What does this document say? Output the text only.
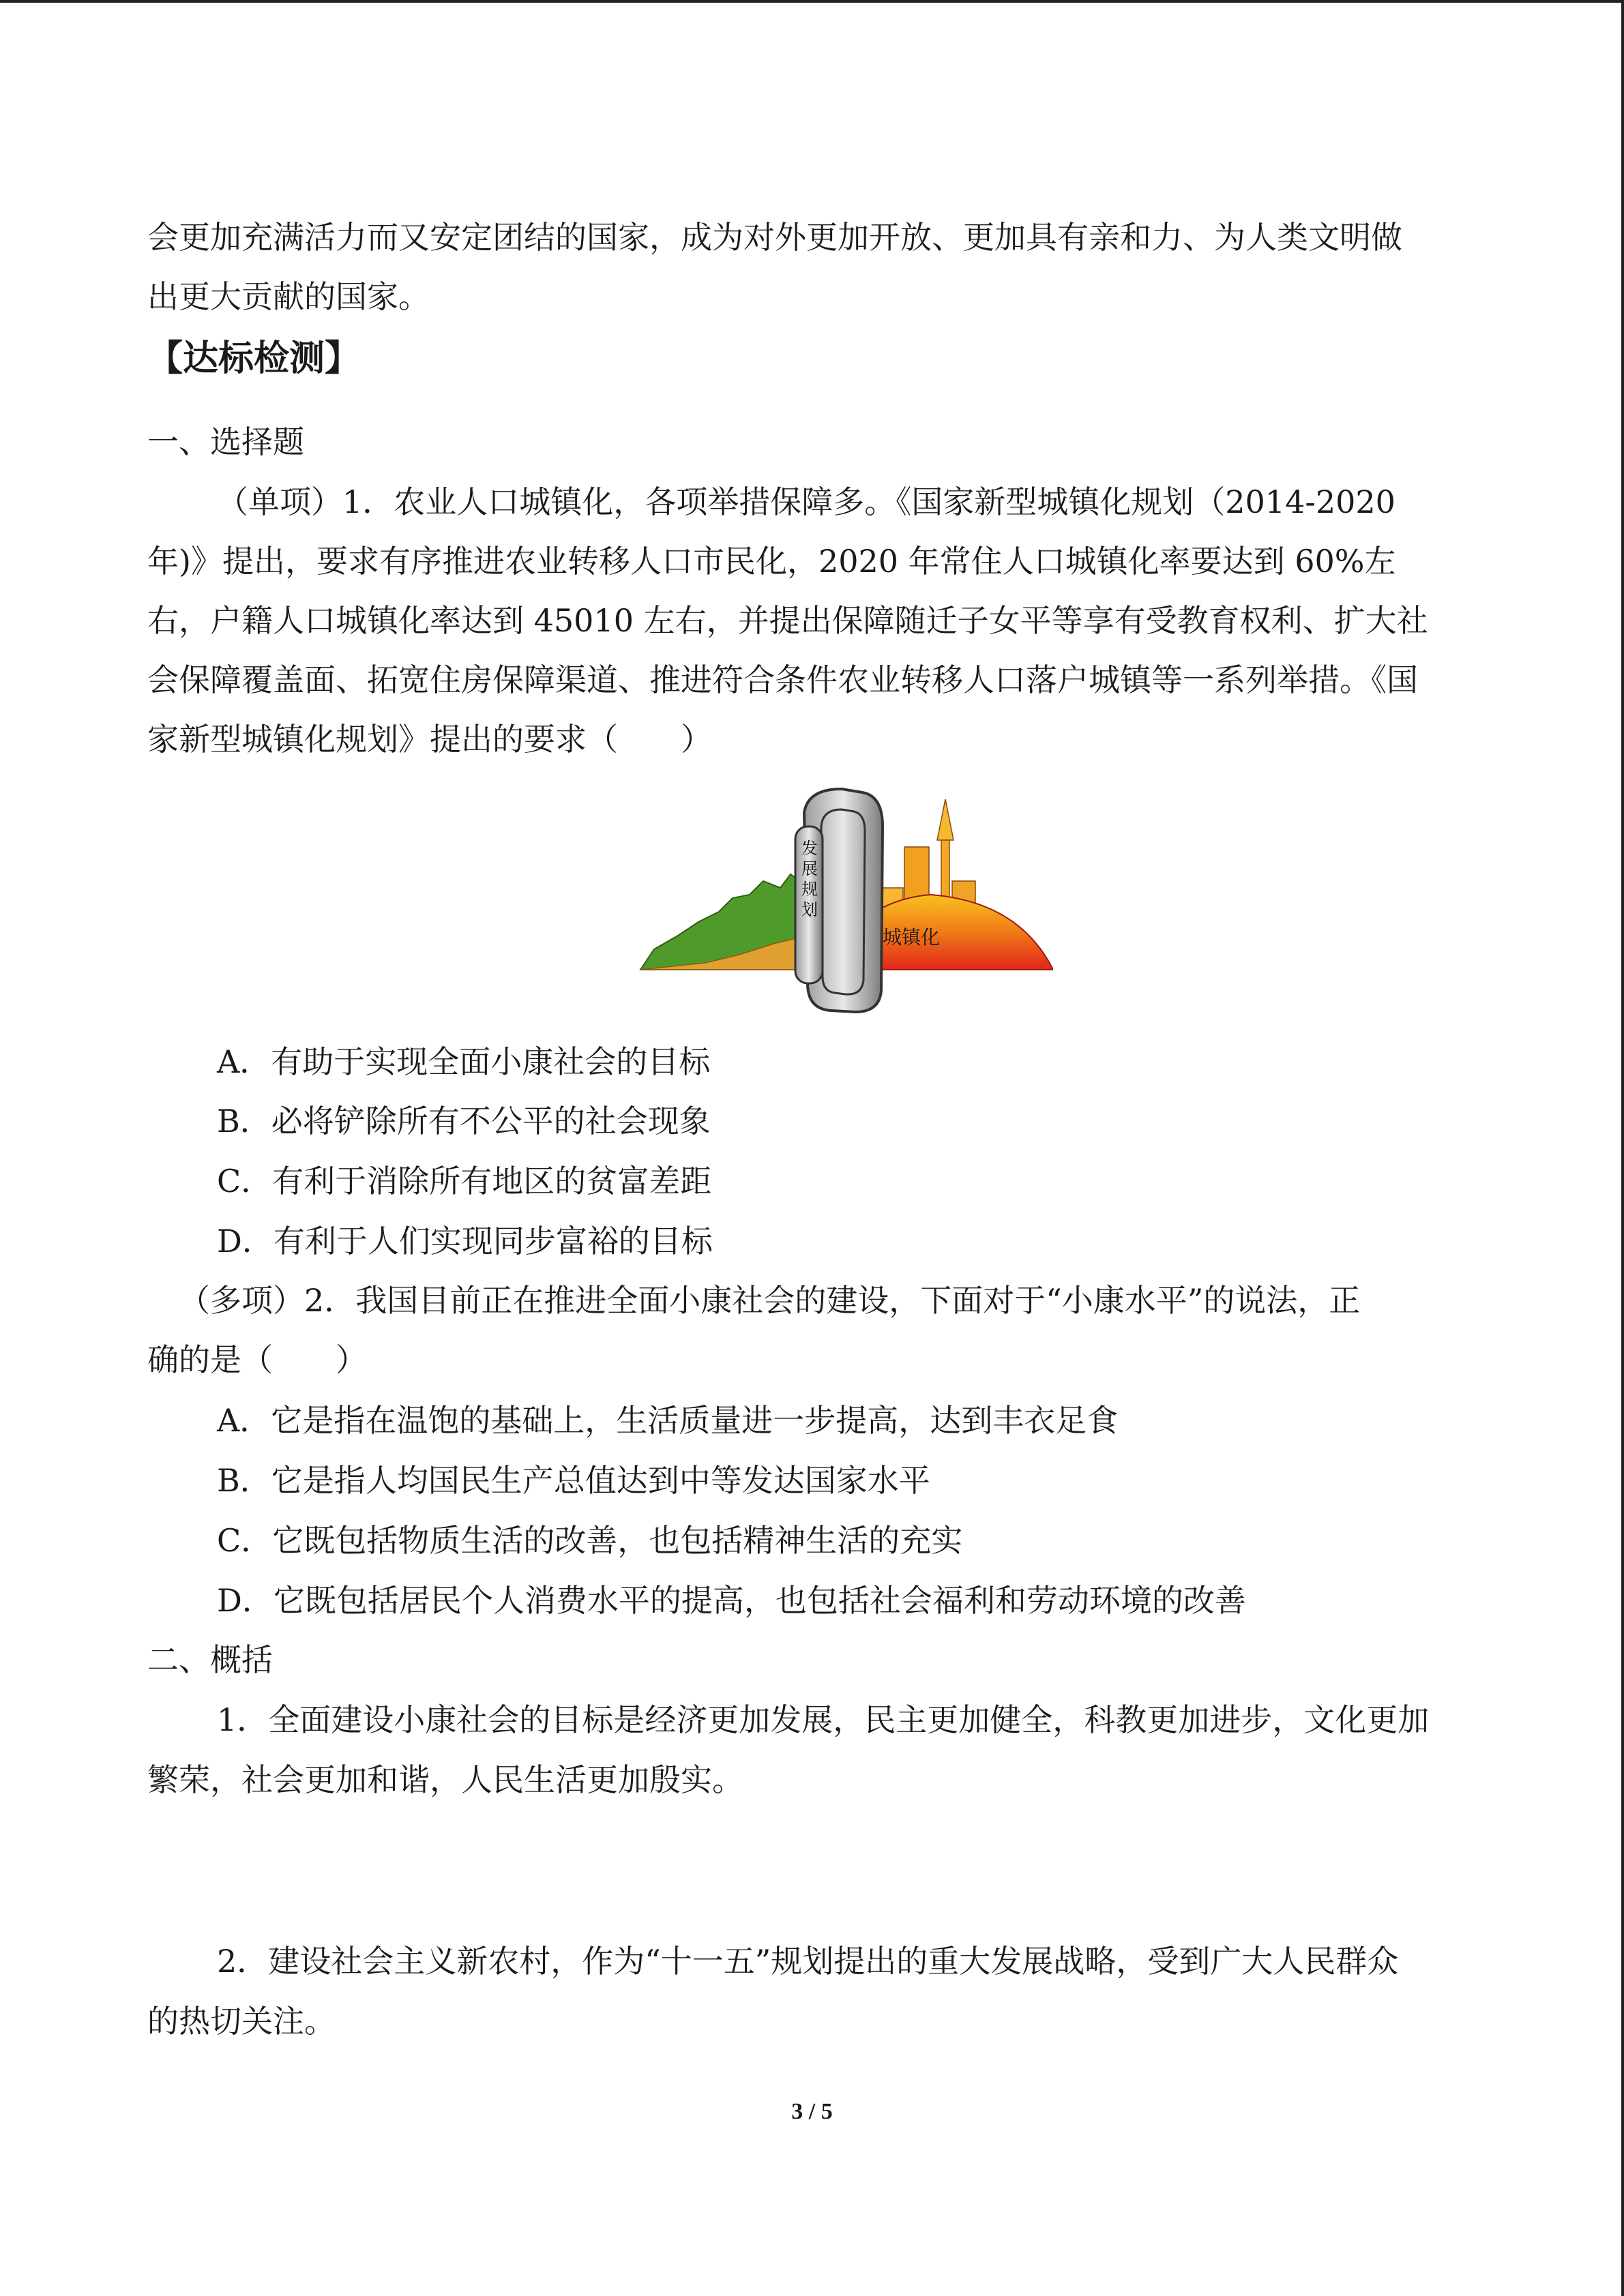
会更加充满活力而又安定团结的国家，成为对外更加开放、更加具有亲和力、为人类文明做
出更大贡献的国家。
【达标检测】
一、选择题
（单项）1．农业人口城镇化，各项举措保障多。《国家新型城镇化规划（2014-2020
年)》提出，要求有序推进农业转移人口市民化，2020 年常住人口城镇化率要达到 60%左
右，户籍人口城镇化率达到 45010 左右，并提出保障随迁子女平等享有受教育权利、扩大社
会保障覆盖面、拓宽住房保障渠道、推进符合条件农业转移人口落户城镇等一系列举措。《国
家新型城镇化规划》提出的要求（　　）
发
展
规
划
城镇化
A．有助于实现全面小康社会的目标
B．必将铲除所有不公平的社会现象
C．有利于消除所有地区的贫富差距
D．有利于人们实现同步富裕的目标
（多项）2．我国目前正在推进全面小康社会的建设，下面对于“小康水平”的说法，正
确的是（　　）
A．它是指在温饱的基础上，生活质量进一步提高，达到丰衣足食
B．它是指人均国民生产总值达到中等发达国家水平
C．它既包括物质生活的改善，也包括精神生活的充实
D．它既包括居民个人消费水平的提高，也包括社会福利和劳动环境的改善
二、概括
1．全面建设小康社会的目标是经济更加发展，民主更加健全，科教更加进步，文化更加
繁荣，社会更加和谐，人民生活更加殷实。
2．建设社会主义新农村，作为“十一五”规划提出的重大发展战略，受到广大人民群众
的热切关注。
3 / 5
